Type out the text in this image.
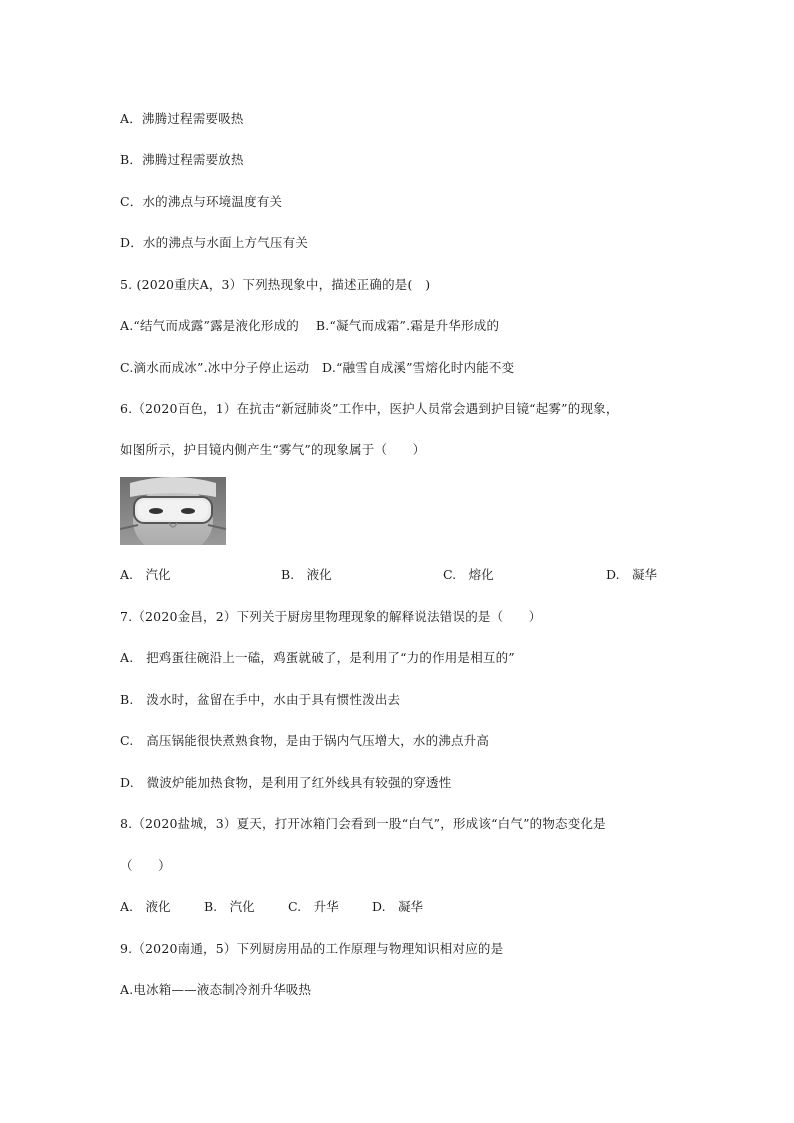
A．沸腾过程需要吸热
B．沸腾过程需要放热
C．水的沸点与环境温度有关
D．水的沸点与水面上方气压有关
5. (2020重庆A，3）下列热现象中，描述正确的是(　)
A.“结气而成露”露是液化形成的　 B.“凝气而成霜”.霜是升华形成的
C.滴水而成冰”.冰中分子停止运动　D.“融雪自成溪”雪熔化时内能不变
6.（2020百色，1）在抗击“新冠肺炎”工作中，医护人员常会遇到护目镜“起雾”的现象，
如图所示，护目镜内侧产生“雾气”的现象属于（　　）
A.　汽化	B.　液化	C.　熔化	D.　凝华
7.（2020金昌，2）下列关于厨房里物理现象的解释说法错误的是（　　）
A.　把鸡蛋往碗沿上一磕，鸡蛋就破了，是利用了“力的作用是相互的”
B.　泼水时，盆留在手中，水由于具有惯性泼出去
C.　高压锅能很快煮熟食物，是由于锅内气压增大，水的沸点升高
D.　微波炉能加热食物，是利用了红外线具有较强的穿透性
8.（2020盐城，3）夏天，打开冰箱门会看到一股“白气”，形成该“白气”的物态变化是
（　　）
A.　液化	B.　汽化	C.　升华	D.　凝华
9.（2020南通，5）下列厨房用品的工作原理与物理知识相对应的是
A.电冰箱——液态制冷剂升华吸热
